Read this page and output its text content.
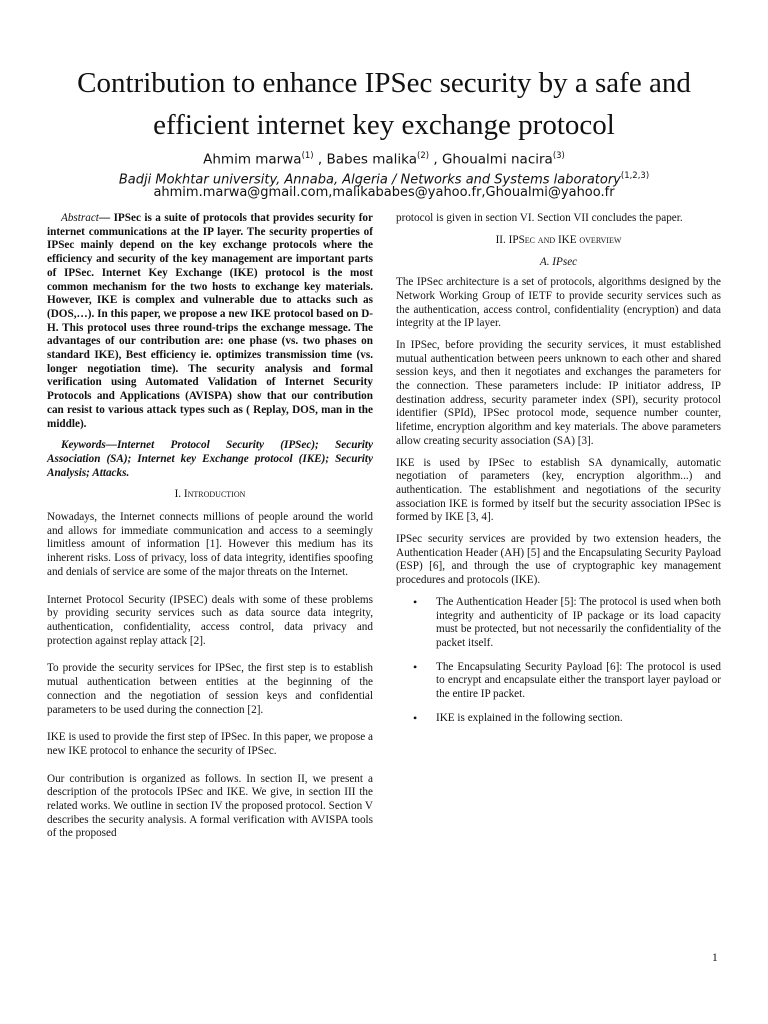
Contribution to enhance IPSec security by a safe and
efficient internet key exchange protocol
Ahmim marwa$^{(1)}$ , Babes malika$^{(2)}$ , Ghoualmi nacira$^{(3)}$
Badji Mokhtar university, Annaba, Algeria / Networks and Systems laboratory$^{(1,2,3)}$
ahmim.marwa@gmail.com,malikababes@yahoo.fr,Ghoualmi@yahoo.fr

Abstract— IPSec is a suite of protocols that provides security for internet communications at the IP layer. The security properties of IPSec mainly depend on the key exchange protocols where the efficiency and security of the key management are important parts of IPSec. Internet Key Exchange (IKE) protocol is the most common mechanism for the two hosts to exchange key materials. However, IKE is complex and vulnerable due to attacks such as (DOS,…). In this paper, we propose a new IKE protocol based on D-H. This protocol uses three round-trips the exchange message. The advantages of our contribution are: one phase (vs. two phases on standard IKE), Best efficiency ie. optimizes transmission time (vs. longer negotiation time). The security analysis and formal verification using Automated Validation of Internet Security Protocols and Applications (AVISPA) show that our contribution can resist to various attack types such as ( Replay, DOS, man in the middle).

Keywords—Internet Protocol Security (IPSec); Security Association (SA); Internet key Exchange protocol (IKE); Security Analysis; Attacks.

I. Introduction

Nowadays, the Internet connects millions of people around the world and allows for immediate communication and access to a seemingly limitless amount of information [1]. However this medium has its inherent risks. Loss of privacy, loss of data integrity, identifies spoofing and denials of service are some of the major threats on the Internet.

Internet Protocol Security (IPSEC) deals with some of these problems by providing security services such as data source data integrity, authentication, confidentiality, access control, data privacy and protection against replay attack [2].

To provide the security services for IPSec, the first step is to establish mutual authentication between entities at the beginning of the connection and the negotiation of session keys and confidential parameters to be used during the connection [2].

IKE is used to provide the first step of IPSec. In this paper, we propose a new IKE protocol to enhance the security of IPSec.

Our contribution is organized as follows. In section II, we present a description of the protocols IPSec and IKE. We give, in section III the related works. We outline in section IV the proposed protocol. Section V describes the security analysis. A formal verification with AVISPA tools of the proposed

protocol is given in section VI. Section VII concludes the paper.

II. IPSec and IKE overview
A. IPsec

The IPSec architecture is a set of protocols, algorithms designed by the Network Working Group of IETF to provide security services such as the authentication, access control, confidentiality (encryption) and data integrity at the IP layer.

In IPSec, before providing the security services, it must established mutual authentication between peers unknown to each other and shared session keys, and then it negotiates and exchanges the parameters for the connection. These parameters include: IP initiator address, IP destination address, security parameter index (SPI), security protocol identifier (SPId), IPSec protocol mode, sequence number counter, lifetime, encryption algorithm and key materials. The above parameters allow creating security association (SA) [3].

IKE is used by IPSec to establish SA dynamically, automatic negotiation of parameters (key, encryption algorithm...) and authentication. The establishment and negotiations of the security association IKE is formed by itself but the security association IPSec is formed by IKE [3, 4].

IPSec security services are provided by two extension headers, the Authentication Header (AH) [5] and the Encapsulating Security Payload (ESP) [6], and through the use of cryptographic key management procedures and protocols (IKE).

• The Authentication Header [5]: The protocol is used when both integrity and authenticity of IP package or its load capacity must be protected, but not necessarily the confidentiality of the packet itself.
• The Encapsulating Security Payload [6]: The protocol is used to encrypt and encapsulate either the transport layer payload or the entire IP packet.
• IKE is explained in the following section.
1
